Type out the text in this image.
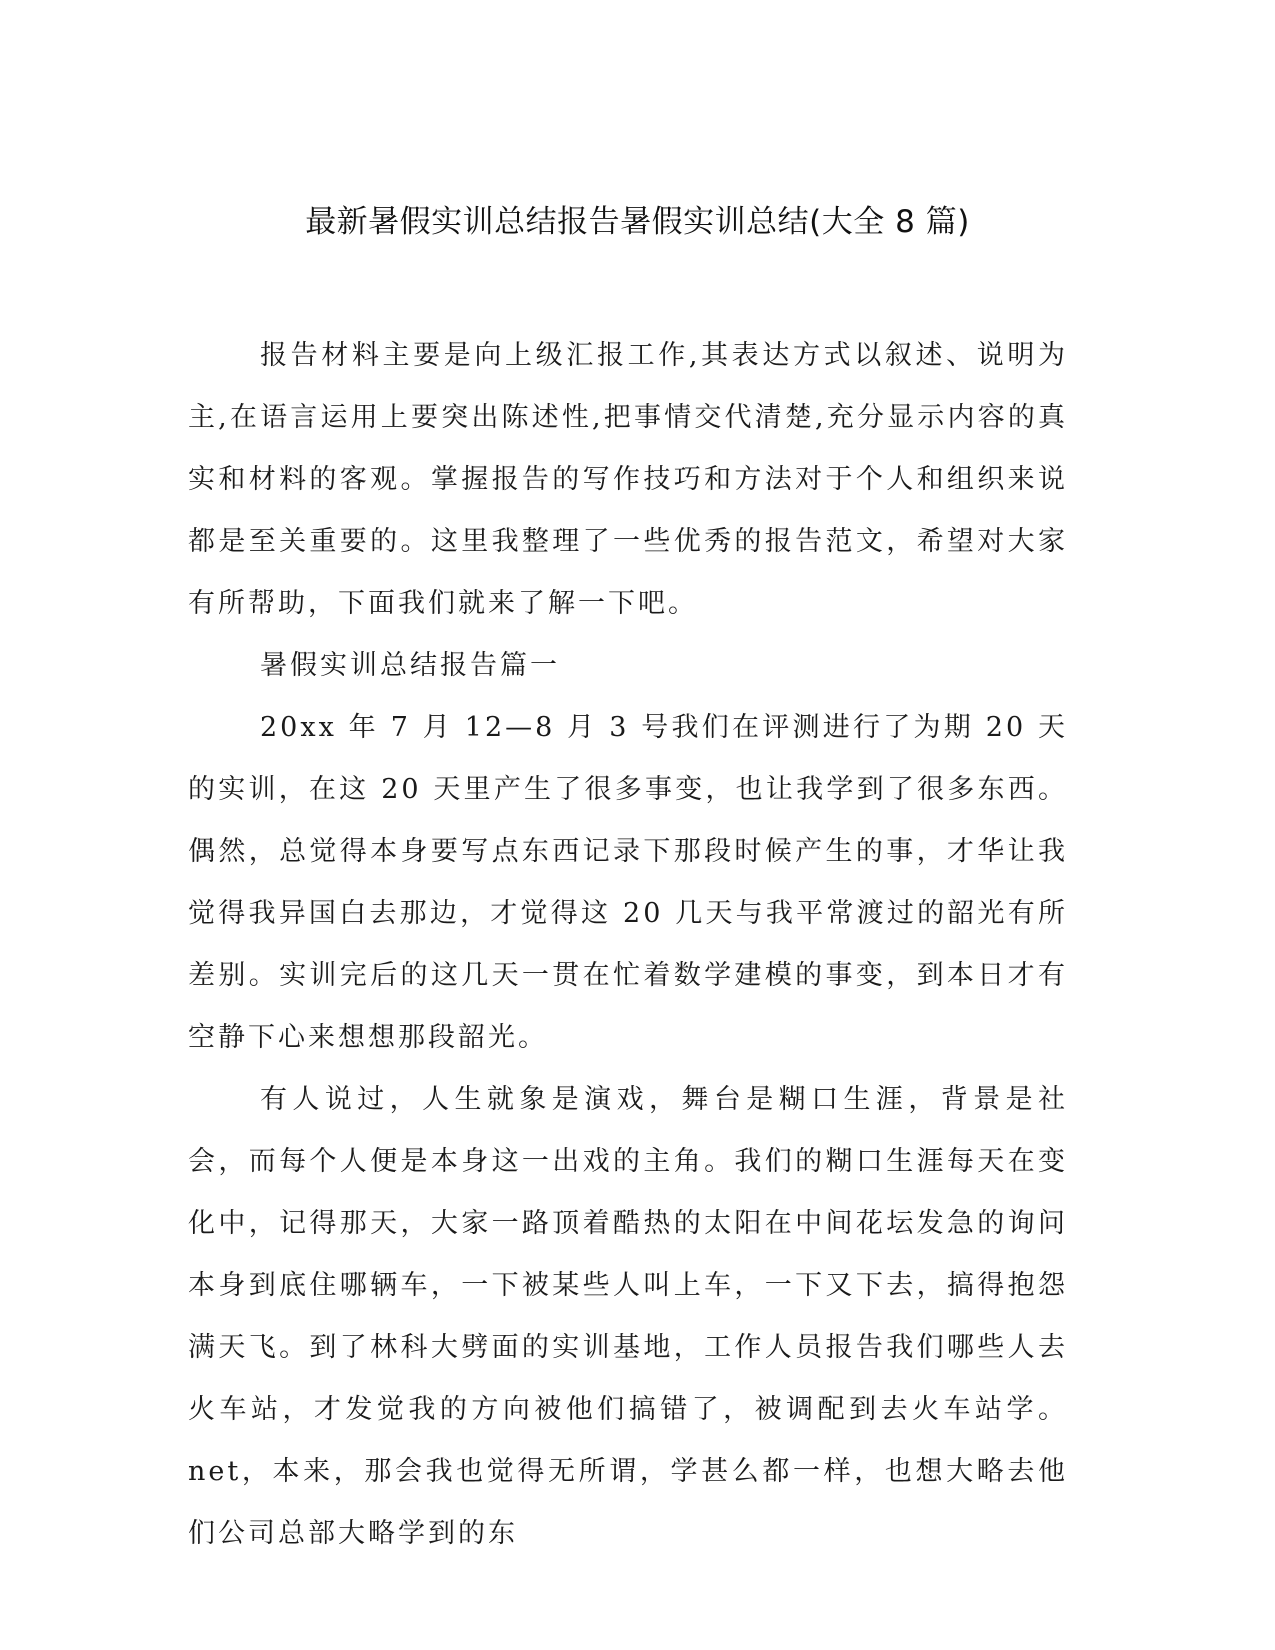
最新暑假实训总结报告暑假实训总结(大全 8 篇)

报告材料主要是向上级汇报工作,其表达方式以叙述、说明为主,在语言运用上要突出陈述性,把事情交代清楚,充分显示内容的真实和材料的客观。掌握报告的写作技巧和方法对于个人和组织来说都是至关重要的。这里我整理了一些优秀的报告范文，希望对大家有所帮助，下面我们就来了解一下吧。

暑假实训总结报告篇一

20xx 年 7 月 12—8 月 3 号我们在评测进行了为期 20 天的实训，在这 20 天里产生了很多事变，也让我学到了很多东西。偶然，总觉得本身要写点东西记录下那段时候产生的事，才华让我觉得我异国白去那边，才觉得这 20 几天与我平常渡过的韶光有所差别。实训完后的这几天一贯在忙着数学建模的事变，到本日才有空静下心来想想那段韶光。

有人说过，人生就象是演戏，舞台是糊口生涯，背景是社会，而每个人便是本身这一出戏的主角。我们的糊口生涯每天在变化中，记得那天，大家一路顶着酷热的太阳在中间花坛发急的询问本身到底住哪辆车，一下被某些人叫上车，一下又下去，搞得抱怨满天飞。到了林科大劈面的实训基地，工作人员报告我们哪些人去火车站，才发觉我的方向被他们搞错了，被调配到去火车站学。net，本来，那会我也觉得无所谓，学甚么都一样，也想大略去他们公司总部大略学到的东
